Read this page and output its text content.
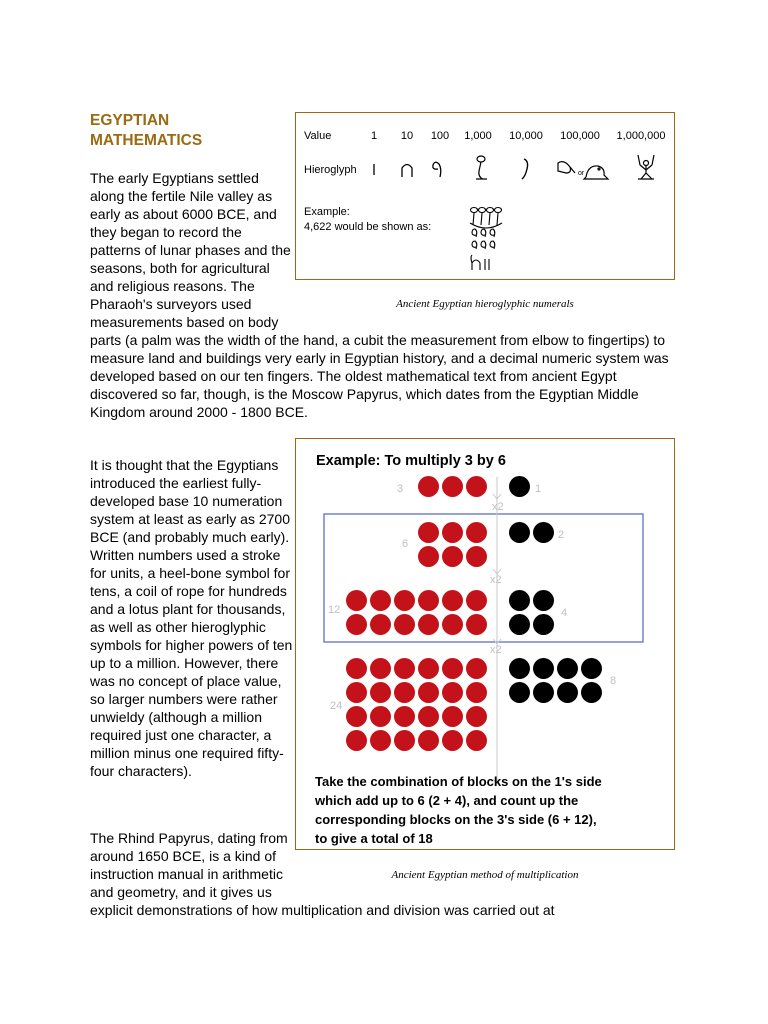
EGYPTIAN
MATHEMATICS

The early Egyptians settled along the fertile Nile valley as early as about 6000 BCE, and they began to record the patterns of lunar phases and the seasons, both for agricultural and religious reasons. The Pharaoh's surveyors used measurements based on body parts (a palm was the width of the hand, a cubit the measurement from elbow to fingertips) to measure land and buildings very early in Egyptian history, and a decimal numeric system was developed based on our ten fingers. The oldest mathematical text from ancient Egypt discovered so far, though, is the Moscow Papyrus, which dates from the Egyptian Middle Kingdom around 2000 - 1800 BCE.

It is thought that the Egyptians introduced the earliest fully-developed base 10 numeration system at least as early as 2700 BCE (and probably much early). Written numbers used a stroke for units, a heel-bone symbol for tens, a coil of rope for hundreds and a lotus plant for thousands, as well as other hieroglyphic symbols for higher powers of ten up to a million. However, there was no concept of place value, so larger numbers were rather unwieldy (although a million required just one character, a million minus one required fifty-four characters).

The Rhind Papyrus, dating from around 1650 BCE, is a kind of instruction manual in arithmetic and geometry, and it gives us explicit demonstrations of how multiplication and division was carried out at

Value
Hieroglyph
1 10 100 1,000 10,000 100,000 1,000,000
or
Example:
4,622 would be shown as:
Ancient Egyptian hieroglyphic numerals
Example: To multiply 3 by 6
x2
x2
x2
3
6
12
24
1
2
4
8
Take the combination of blocks on the 1's side
which add up to 6 (2 + 4), and count up the
corresponding blocks on the 3's side (6 + 12),
to give a total of 18
Ancient Egyptian method of multiplication
